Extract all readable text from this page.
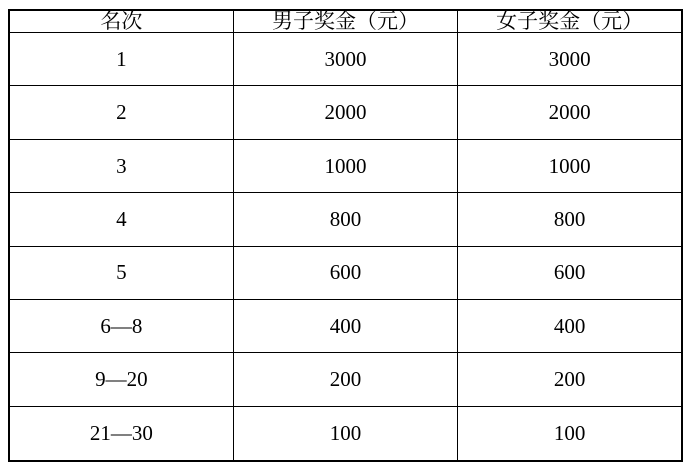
名次	男子奖金（元）	女子奖金（元）
1	3000	3000
2	2000	2000
3	1000	1000
4	800	800
5	600	600
6—8	400	400
9—20	200	200
21—30	100	100
